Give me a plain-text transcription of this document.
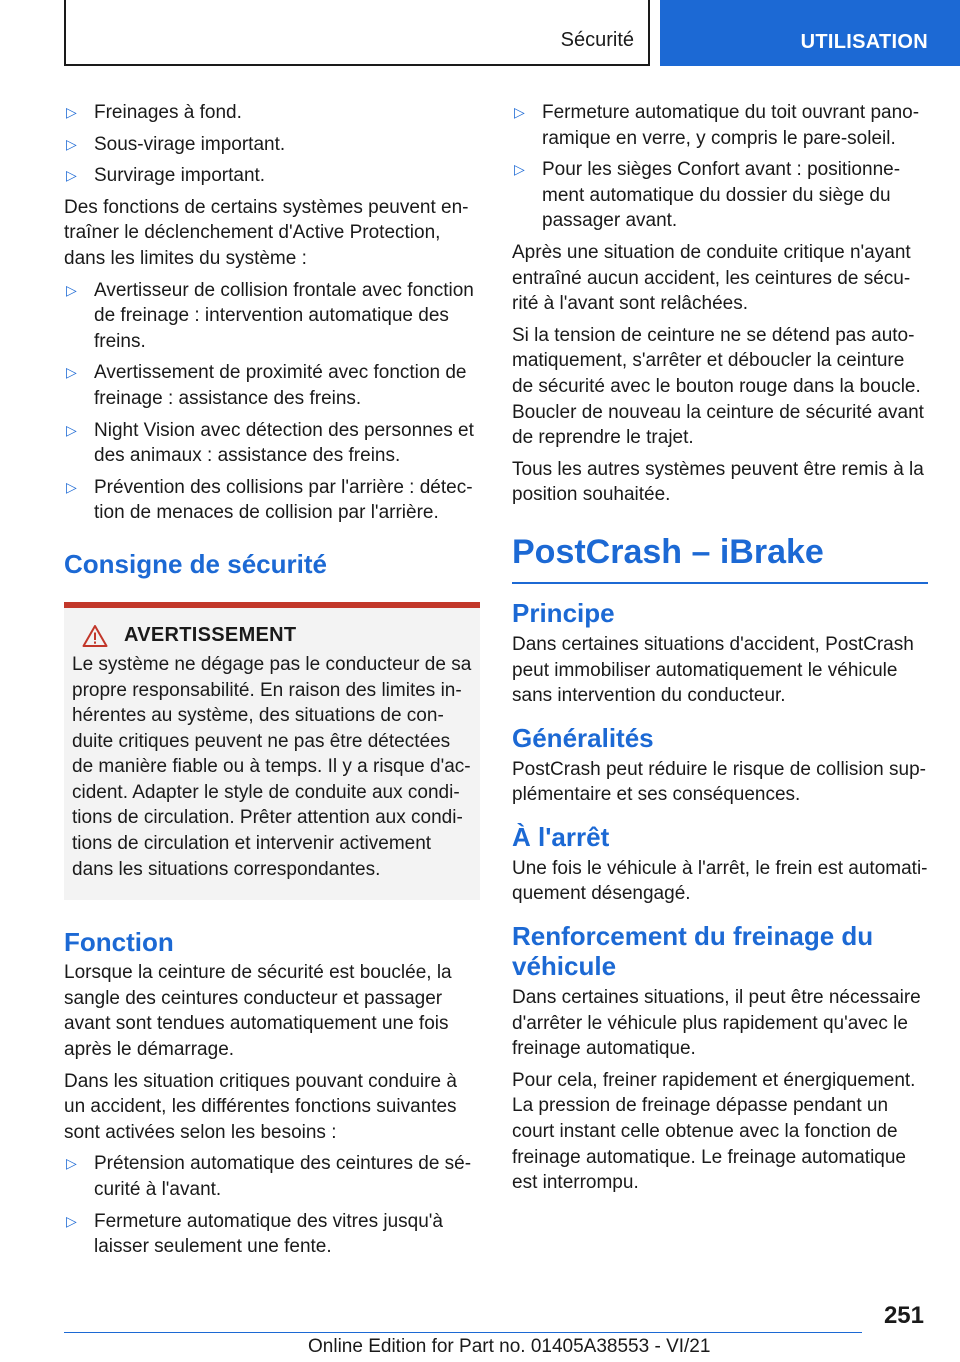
Sécurité	UTILISATION
▷ Freinages à fond.
▷ Sous-virage important.
▷ Survirage important.

Des fonctions de certains systèmes peuvent entraîner le déclenchement d'Active Protection, dans les limites du système :

▷ Avertisseur de collision frontale avec fonction de freinage : intervention automatique des freins.
▷ Avertissement de proximité avec fonction de freinage : assistance des freins.
▷ Night Vision avec détection des personnes et des animaux : assistance des freins.
▷ Prévention des collisions par l'arrière : détection de menaces de collision par l'arrière.
Consigne de sécurité
AVERTISSEMENT

Le système ne dégage pas le conducteur de sa propre responsabilité. En raison des limites inhérentes au système, des situations de conduite critiques peuvent ne pas être détectées de manière fiable ou à temps. Il y a risque d'accident. Adapter le style de conduite aux conditions de circulation. Prêter attention aux conditions de circulation et intervenir activement dans les situations correspondantes.

Fonction

Lorsque la ceinture de sécurité est bouclée, la sangle des ceintures conducteur et passager avant sont tendues automatiquement une fois après le démarrage.

Dans les situation critiques pouvant conduire à un accident, les différentes fonctions suivantes sont activées selon les besoins :

▷ Prétension automatique des ceintures de sécurité à l'avant.
▷ Fermeture automatique des vitres jusqu'à laisser seulement une fente.
▷ Fermeture automatique du toit ouvrant panoramique en verre, y compris le pare-soleil.
▷ Pour les sièges Confort avant : positionnement automatique du dossier du siège du passager avant.

Après une situation de conduite critique n'ayant entraîné aucun accident, les ceintures de sécurité à l'avant sont relâchées.

Si la tension de ceinture ne se détend pas automatiquement, s'arrêter et déboucler la ceinture de sécurité avec le bouton rouge dans la boucle. Boucler de nouveau la ceinture de sécurité avant de reprendre le trajet.

Tous les autres systèmes peuvent être remis à la position souhaitée.

PostCrash – iBrake
Principe

Dans certaines situations d'accident, PostCrash peut immobiliser automatiquement le véhicule sans intervention du conducteur.

Généralités

PostCrash peut réduire le risque de collision supplémentaire et ses conséquences.

À l'arrêt

Une fois le véhicule à l'arrêt, le frein est automatiquement désengagé.

Renforcement du freinage du véhicule

Dans certaines situations, il peut être nécessaire d'arrêter le véhicule plus rapidement qu'avec le freinage automatique.

Pour cela, freiner rapidement et énergiquement. La pression de freinage dépasse pendant un court instant celle obtenue avec la fonction de freinage automatique. Le freinage automatique est interrompu.

251
Online Edition for Part no. 01405A38553 - VI/21
